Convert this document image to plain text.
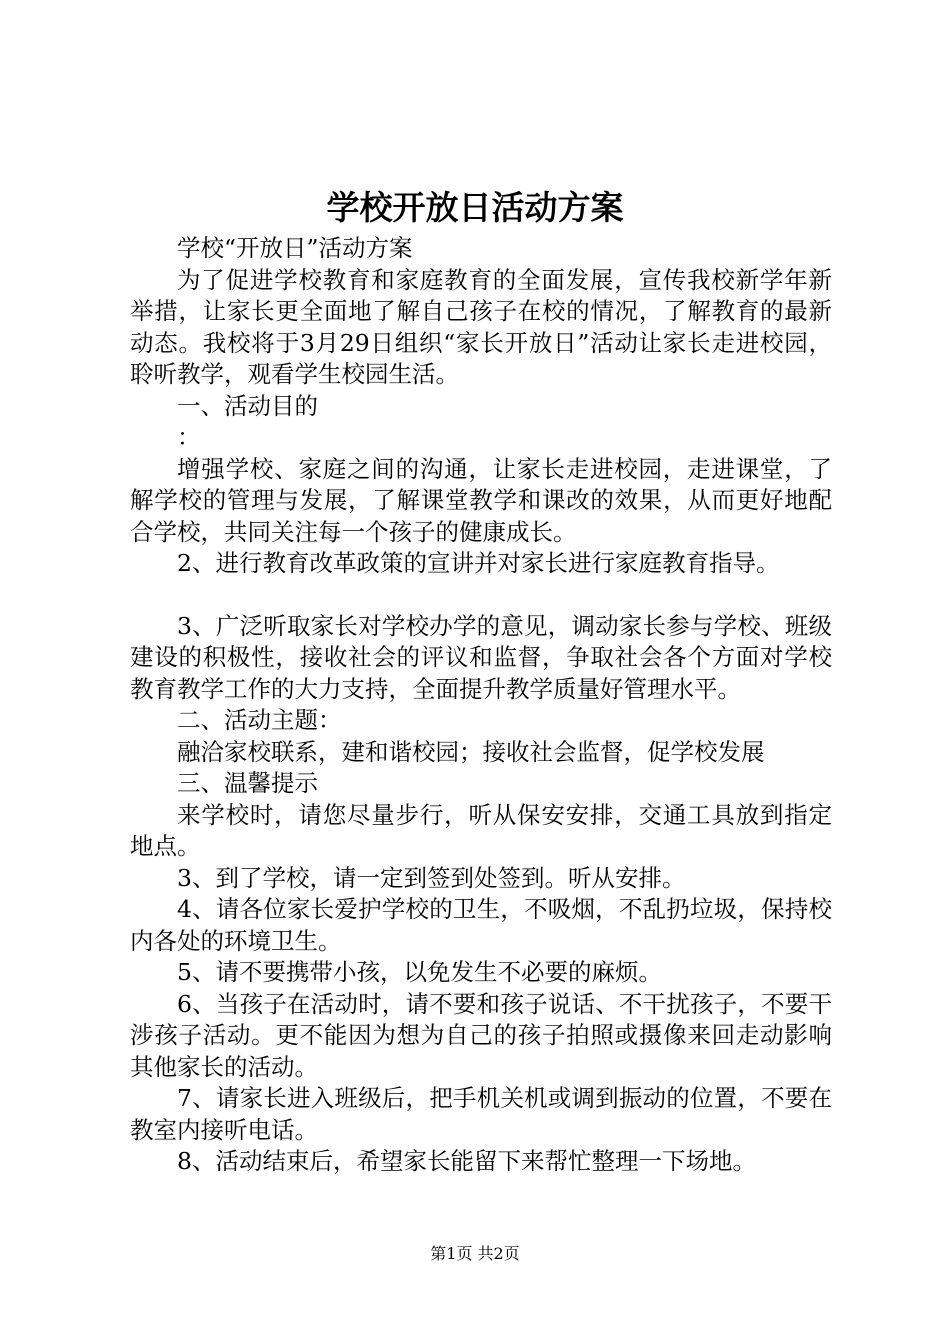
学校开放日活动方案

学校“开放日”活动方案

为了促进学校教育和家庭教育的全面发展，宣传我校新学年新举措，让家长更全面地了解自己孩子在校的情况，了解教育的最新动态。我校将于3月29日组织“家长开放日”活动让家长走进校园，聆听教学，观看学生校园生活。

一、活动目的

：

增强学校、家庭之间的沟通，让家长走进校园，走进课堂，了解学校的管理与发展，了解课堂教学和课改的效果，从而更好地配合学校，共同关注每一个孩子的健康成长。

2、进行教育改革政策的宣讲并对家长进行家庭教育指导。

3、广泛听取家长对学校办学的意见，调动家长参与学校、班级建设的积极性，接收社会的评议和监督，争取社会各个方面对学校教育教学工作的大力支持，全面提升教学质量好管理水平。

二、活动主题：

融洽家校联系，建和谐校园；接收社会监督，促学校发展

三、温馨提示

来学校时，请您尽量步行，听从保安安排，交通工具放到指定地点。

3、到了学校，请一定到签到处签到。听从安排。

4、请各位家长爱护学校的卫生，不吸烟，不乱扔垃圾，保持校内各处的环境卫生。

5、请不要携带小孩，以免发生不必要的麻烦。

6、当孩子在活动时，请不要和孩子说话、不干扰孩子，不要干涉孩子活动。更不能因为想为自己的孩子拍照或摄像来回走动影响其他家长的活动。

7、请家长进入班级后，把手机关机或调到振动的位置，不要在教室内接听电话。

8、活动结束后，希望家长能留下来帮忙整理一下场地。

第1页 共2页
